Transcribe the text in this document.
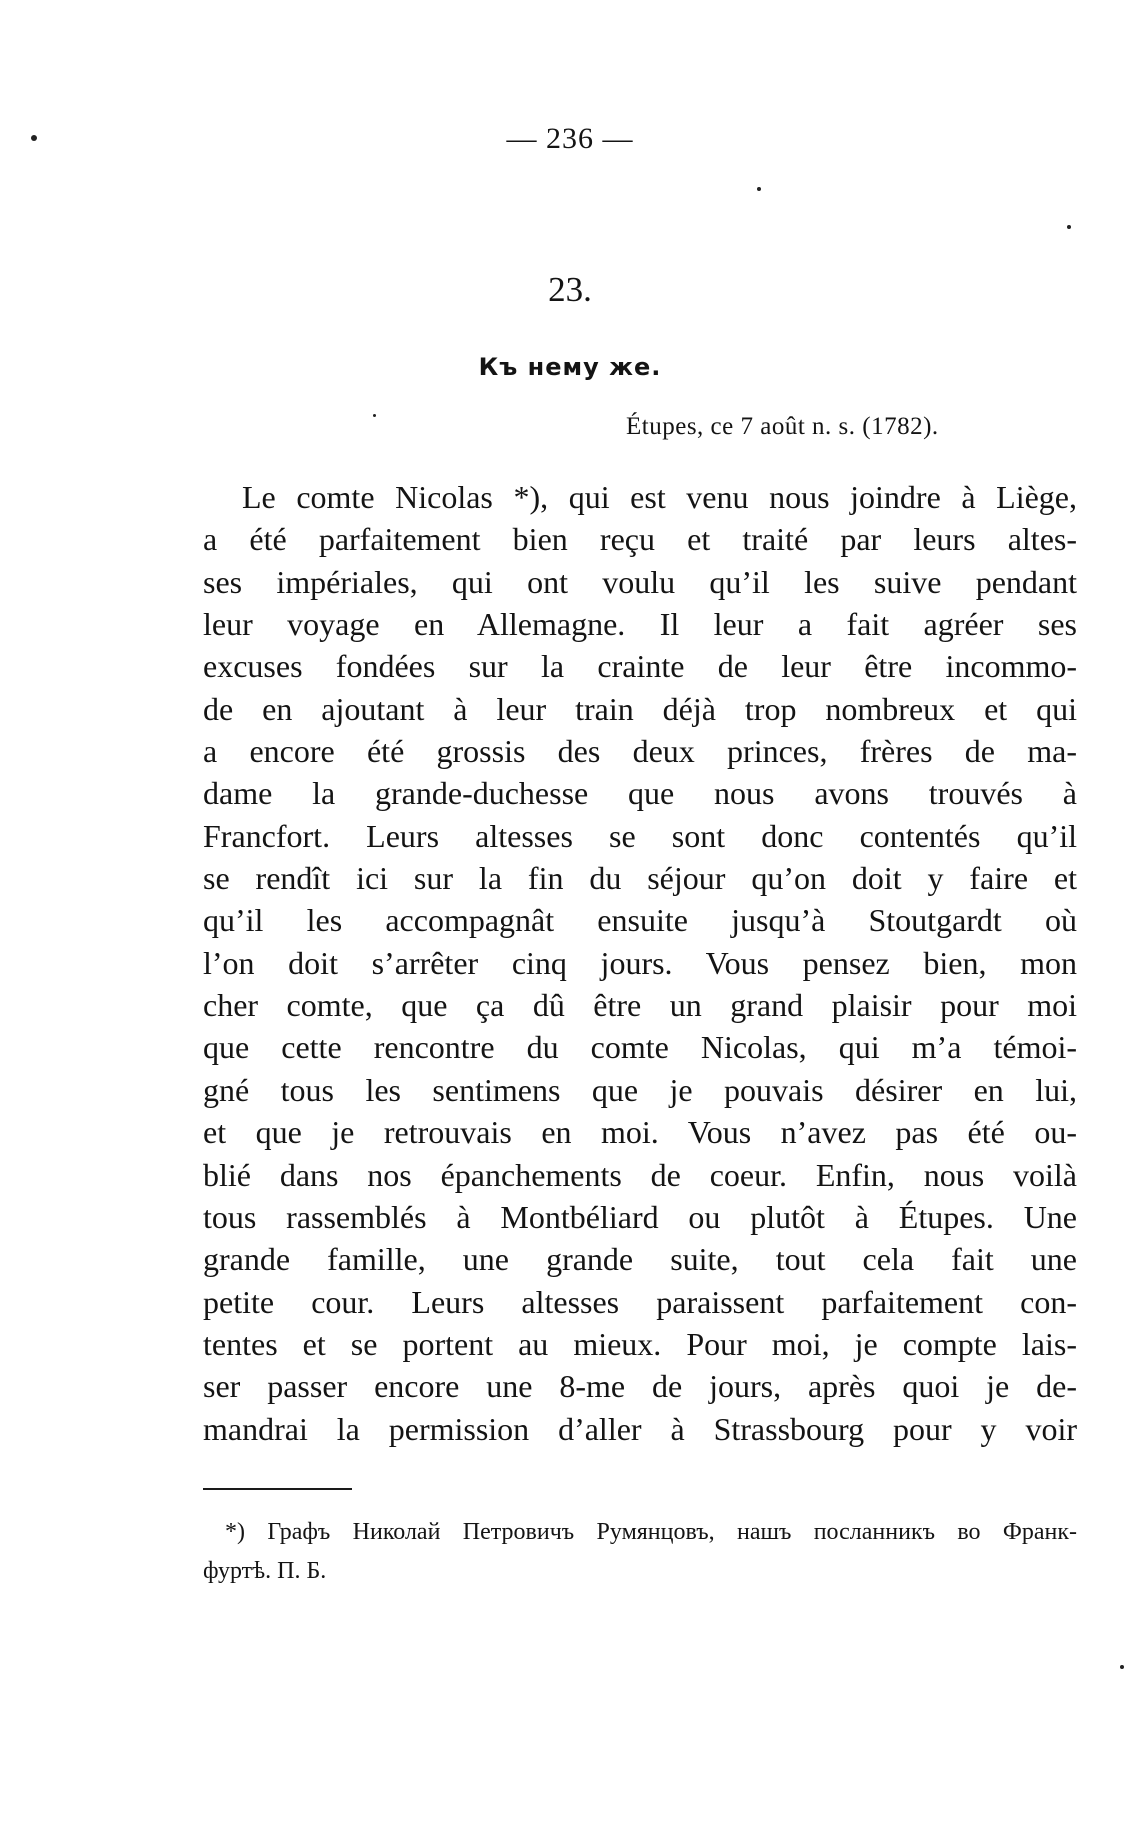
— 236 —
23.
Къ нему же.
Étupes, ce 7 août n. s. (1782).
Le comte Nicolas *), qui est venu nous joindre à Liège,
a été parfaitement bien reçu et traité par leurs altes-
ses impériales, qui ont voulu qu’il les suive pendant
leur voyage en Allemagne. Il leur a fait agréer ses
excuses fondées sur la crainte de leur être incommo-
de en ajoutant à leur train déjà trop nombreux et qui
a encore été grossis des deux princes, frères de ma-
dame la grande-duchesse que nous avons trouvés à
Francfort. Leurs altesses se sont donc contentés qu’il
se rendît ici sur la fin du séjour qu’on doit y faire et
qu’il les accompagnât ensuite jusqu’à Stoutgardt où
l’on doit s’arrêter cinq jours. Vous pensez bien, mon
cher comte, que ça dû être un grand plaisir pour moi
que cette rencontre du comte Nicolas, qui m’a témoi-
gné tous les sentimens que je pouvais désirer en lui,
et que je retrouvais en moi. Vous n’avez pas été ou-
blié dans nos épanchements de coeur. Enfin, nous voilà
tous rassemblés à Montbéliard ou plutôt à Étupes. Une
grande famille, une grande suite, tout cela fait une
petite cour. Leurs altesses paraissent parfaitement con-
tentes et se portent au mieux. Pour moi, je compte lais-
ser passer encore une 8-me de jours, après quoi je de-
mandrai la permission d’aller à Strassbourg pour y voir
*) Графъ Николай Петровичъ Румянцовъ, нашъ посланникъ во Франк-
фуртѣ. П. Б.
